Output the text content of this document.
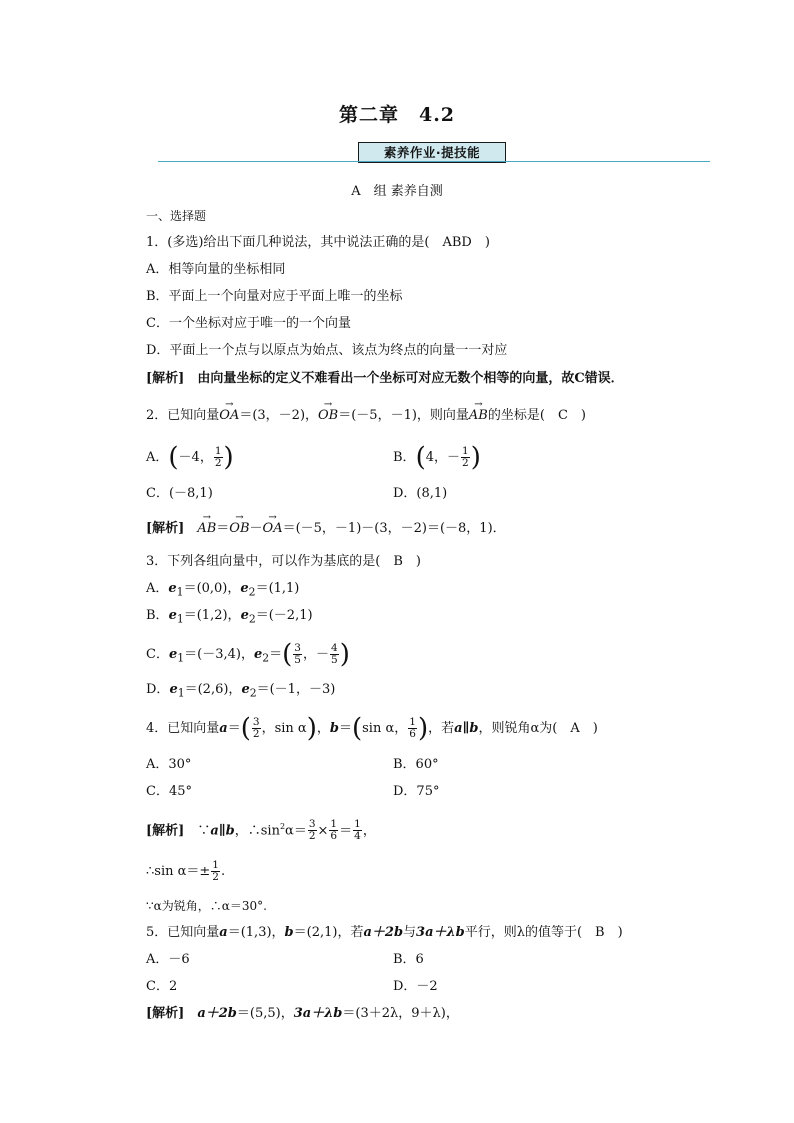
第二章　4.2
素养作业·提技能
A　组 素养自测
一、选择题
1．(多选)给出下面几种说法，其中说法正确的是(　ABD　)
A．相等向量的坐标相同
B．平面上一个向量对应于平面上唯一的坐标
C．一个坐标对应于唯一的一个向量
D．平面上一个点与以原点为始点、该点为终点的向量一一对应
[解析]　 由向量坐标的定义不难看出一个坐标可对应无数个相等的向量，故C错误．
2．已知向量→ OA＝(3，－2)，→ OB＝(－5，－1)，则向量→ AB的坐标是(　C　)
A．(－4， $\frac{1}{2}$ )	B．(4，－ $\frac{1}{2}$ )
C．(－8,1)	D．(8,1)
[解析]　→ AB＝→ OB－→ OA＝(－5，－1)－(3，－2)＝(－8，1)．
3．下列各组向量中，可以作为基底的是(　B　)
A．$e_1=(0,0)$，$e_2=(1,1)$
B．$e_1=(1,2)$，$e_2=(-2,1)$
C．$e_1=(-3,4)$，$e_2=( \frac{3}{5}$ ，－ $\frac{4}{5}$ )
D．$e_1=(2,6)$，$e_2=(-1$，－3)
4．已知向量$a=( \frac{3}{2}$ ，sin α)，b＝(sin α， $\frac{1}{6}$ )，若a∥b，则锐角α为(　A　)
A．30°	B．60°
C．45°	D．75°
[解析]　 ∵a∥b，$\therefore\sin^2\alpha= \frac{3}{2} \times \frac{1}{6} = \frac{1}{4}$ ，
∴sin $\alpha=\pm \frac{1}{2}$ .
∵α为锐角，∴α＝30°.
5．已知向量a＝(1,3)，b＝(2,1)，若a＋2b与3a＋λb平行，则λ的值等于(　B　)
A．－6	B．6
C．2	D．－2
[解析]　 a＋2b＝(5,5)，3a＋λb＝(3＋2λ，9＋λ)，
